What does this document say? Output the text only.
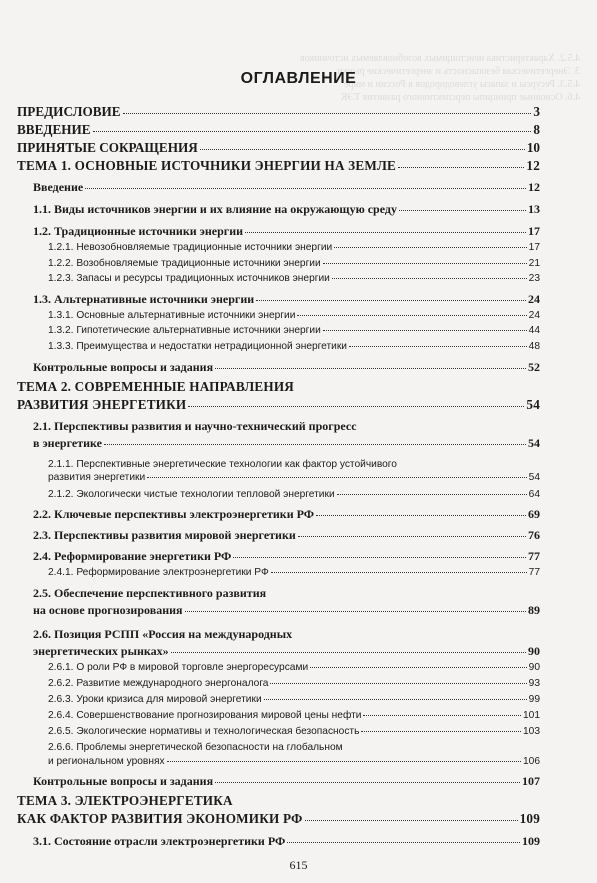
4.5.2. Характеристика неистощимых возобновляемых источников
3. Энергетическая безопасность и энергетические рынки
4.5.3. Ресурсы и запасы углеводородов в России и мире
4.6. Основные принципы перспективного развития ТЭК
ОГЛАВЛЕНИЕ
ПРЕДИСЛОВИЕ	3
ВВЕДЕНИЕ	8
ПРИНЯТЫЕ СОКРАЩЕНИЯ	10
ТЕМА 1. ОСНОВНЫЕ ИСТОЧНИКИ ЭНЕРГИИ НА ЗЕМЛЕ	12
Введение	12
1.1. Виды источников энергии и их влияние на окружающую среду	13
1.2. Традиционные источники энергии	17
1.2.1. Невозобновляемые традиционные источники энергии	17
1.2.2. Возобновляемые традиционные источники энергии	21
1.2.3. Запасы и ресурсы традиционных источников энергии	23
1.3. Альтернативные источники энергии	24
1.3.1. Основные альтернативные источники энергии	24
1.3.2. Гипотетические альтернативные источники энергии	44
1.3.3. Преимущества и недостатки нетрадиционной энергетики	48
Контрольные вопросы и задания	52
ТЕМА 2. СОВРЕМЕННЫЕ НАПРАВЛЕНИЯ
РАЗВИТИЯ ЭНЕРГЕТИКИ	54
2.1. Перспективы развития и научно-технический прогресс
в энергетике	54
2.1.1. Перспективные энергетические технологии как фактор устойчивого
развития энергетики	54
2.1.2. Экологически чистые технологии тепловой энергетики	64
2.2. Ключевые перспективы электроэнергетики РФ	69
2.3. Перспективы развития мировой энергетики	76
2.4. Реформирование энергетики РФ	77
2.4.1. Реформирование электроэнергетики РФ	77
2.5. Обеспечение перспективного развития
на основе прогнозирования	89
2.6. Позиция РСПП «Россия на международных
энергетических рынках»	90
2.6.1. О роли РФ в мировой торговле энергоресурсами	90
2.6.2. Развитие международного энергоналога	93
2.6.3. Уроки кризиса для мировой энергетики	99
2.6.4. Совершенствование прогнозирования мировой цены нефти	101
2.6.5. Экологические нормативы и технологическая безопасность	103
2.6.6. Проблемы энергетической безопасности на глобальном
и региональном уровнях	106
Контрольные вопросы и задания	107
ТЕМА 3. ЭЛЕКТРОЭНЕРГЕТИКА
КАК ФАКТОР РАЗВИТИЯ ЭКОНОМИКИ РФ	109
3.1. Состояние отрасли электроэнергетики РФ	109
615
